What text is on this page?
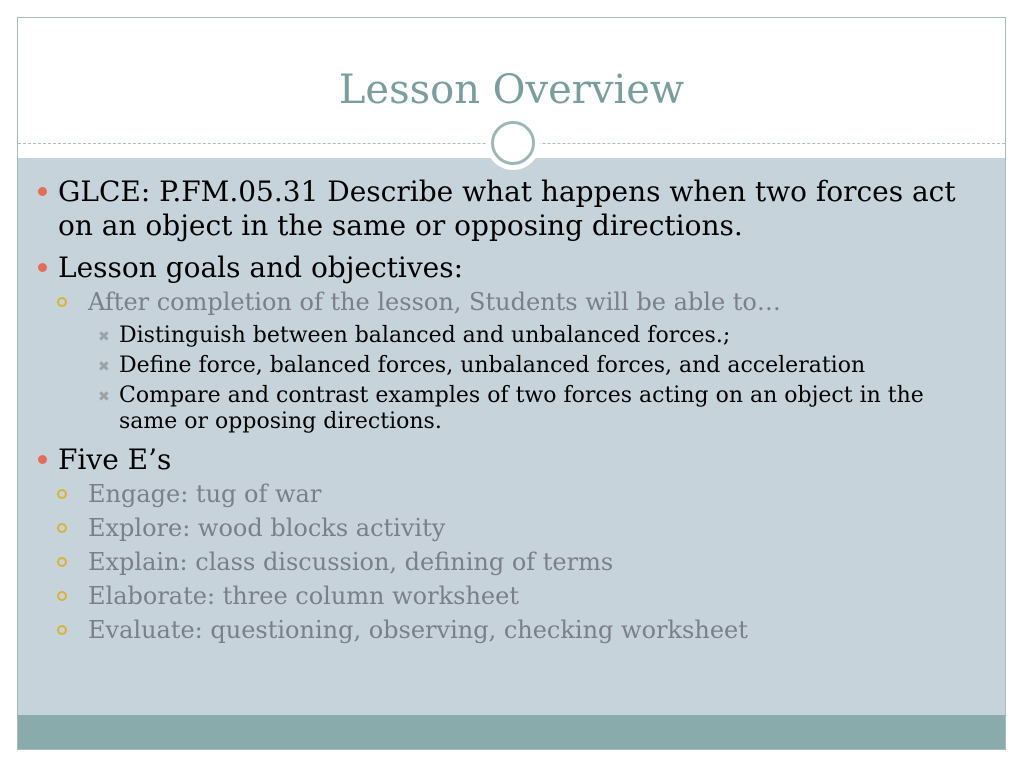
Lesson Overview
GLCE: P.FM.05.31 Describe what happens when two forces act on an object in the same or opposing directions.
Lesson goals and objectives:
After completion of the lesson, Students will be able to…
✖ Distinguish between balanced and unbalanced forces.;
✖ Define force, balanced forces, unbalanced forces, and acceleration
✖ Compare and contrast examples of two forces acting on an object in the same or opposing directions.
Five E’s
Engage: tug of war
Explore: wood blocks activity
Explain: class discussion, defining of terms
Elaborate: three column worksheet
Evaluate: questioning, observing, checking worksheet
